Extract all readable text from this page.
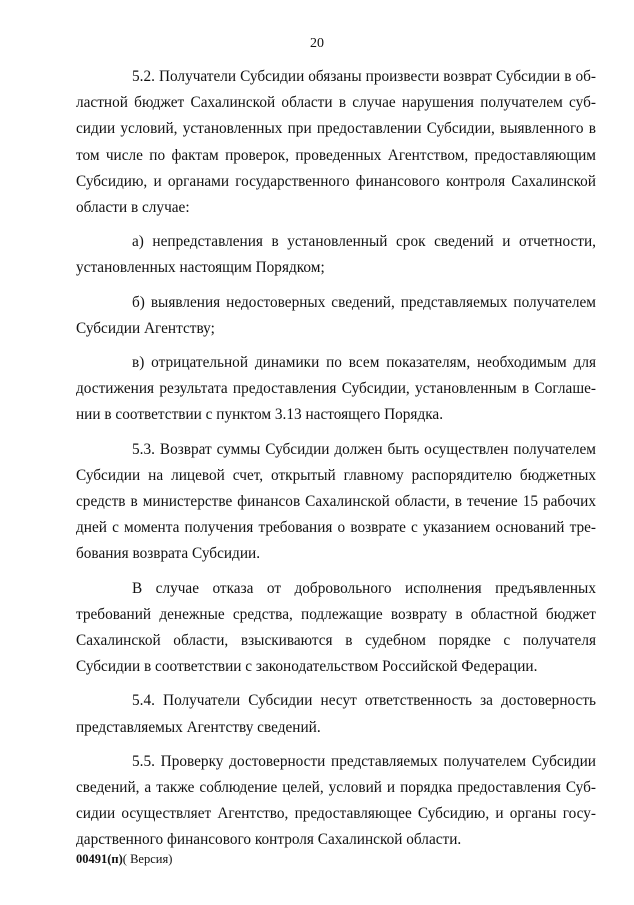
20

5.2. Получатели Субсидии обязаны произвести возврат Субсидии в областной бюджет Сахалинской области в случае нарушения получателем субсидии условий, установленных при предоставлении Субсидии, выявленного в том числе по фактам проверок, проведенных Агентством, предоставляющим Субсидию, и органами государственного финансового контроля Сахалинской области в случае:

а) непредставления в установленный срок сведений и отчетности, установленных настоящим Порядком;

б) выявления недостоверных сведений, представляемых получателем Субсидии Агентству;

в) отрицательной динамики по всем показателям, необходимым для достижения результата предоставления Субсидии, установленным в Соглашении в соответствии с пунктом 3.13 настоящего Порядка.

5.3. Возврат суммы Субсидии должен быть осуществлен получателем Субсидии на лицевой счет, открытый главному распорядителю бюджетных средств в министерстве финансов Сахалинской области, в течение 15 рабочих дней с момента получения требования о возврате с указанием оснований требования возврата Субсидии.

В случае отказа от добровольного исполнения предъявленных требований денежные средства, подлежащие возврату в областной бюджет Сахалинской области, взыскиваются в судебном порядке с получателя Субсидии в соответствии с законодательством Российской Федерации.

5.4. Получатели Субсидии несут ответственность за достоверность представляемых Агентству сведений.

5.5. Проверку достоверности представляемых получателем Субсидии сведений, а также соблюдение целей, условий и порядка предоставления Субсидии осуществляет Агентство, предоставляющее Субсидию, и органы государственного финансового контроля Сахалинской области.

00491(п)( Версия)
